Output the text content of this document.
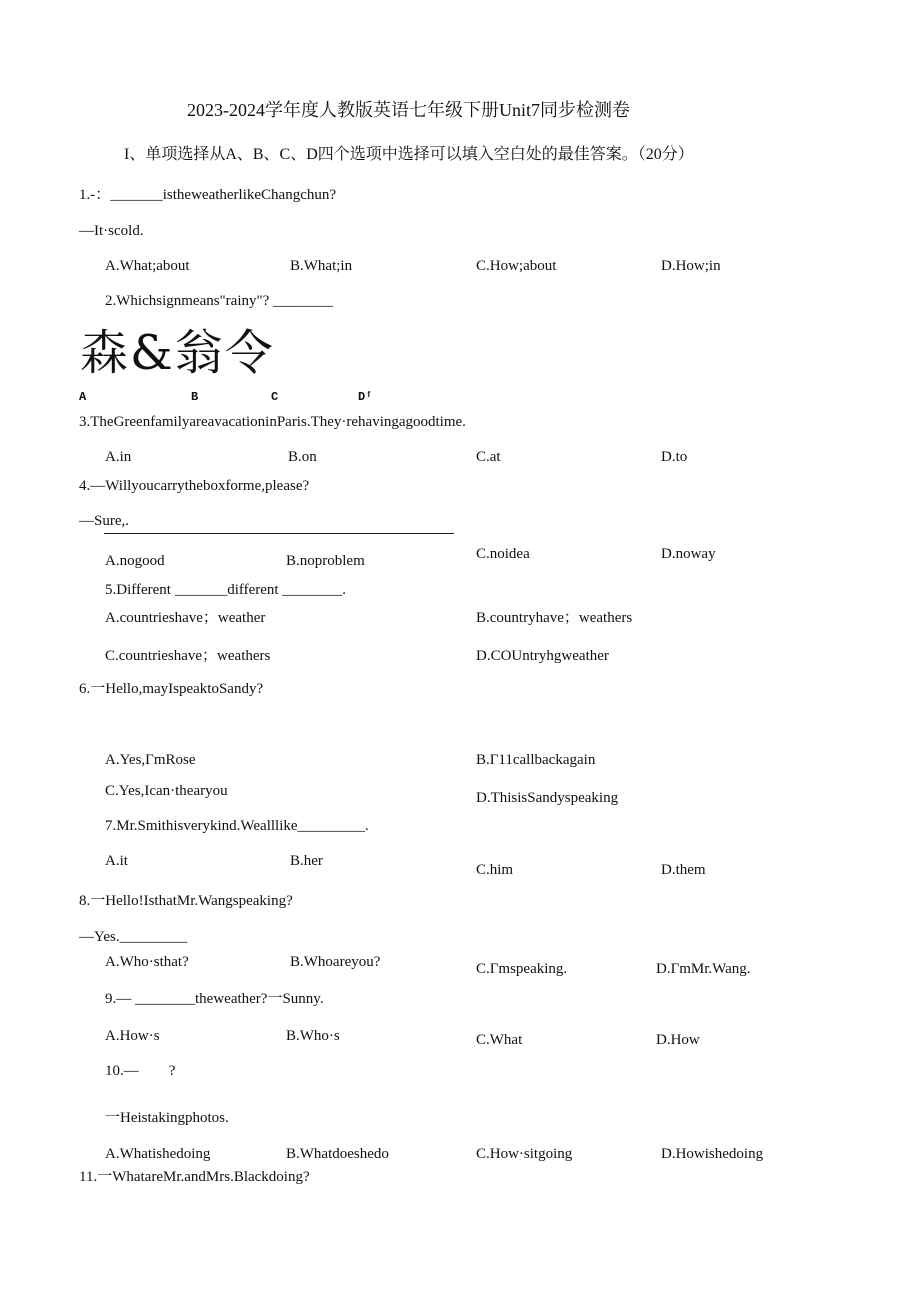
2023-2024学年度人教版英语七年级下册Unit7同步检测卷
I、单项选择从A、B、C、D四个选项中选择可以填入空白处的最佳答案。（20分）
1.-：_______istheweatherlikeChangchun?
—It·scold.
A.What;about	B.What;in	C.How;about	D.How;in
2.Whichsignmeans"rainy"? ________
森&翁令
A	B	C	Dᶠ
3.TheGreenfamilyareavacationinParis.They·rehavingagoodtime.
A.in	B.on	C.at	D.to
4.—Willyoucarrytheboxforme,please?
—Sure,.
A.nogood	B.noproblem	C.noidea	D.noway
5.Different _______different ________.
A.countrieshave；weather	B.countryhave；weathers
C.countrieshave；weathers	D.COUntryhgweather
6.一Hello,mayIspeaktoSandy?
A.Yes,ΓmRose	B.Γ11callbackagain
C.Yes,Ican·thearyou	D.ThisisSandyspeaking
7.Mr.Smithisverykind.Wealllike_________.
A.it	B.her
C.him	D.them
8.一Hello!IsthatMr.Wangspeaking?
—Yes._________
A.Who·sthat?	B.Whoareyou?	C.Γmspeaking.	D.ΓmMr.Wang.
9.— ________theweather?一Sunny.
A.How·s	B.Who·s	C.What	D.How
10.—        ?
一Heistakingphotos.
A.Whatishedoing	B.Whatdoeshedo	C.How·sitgoing	D.Howishedoing
11.一WhatareMr.andMrs.Blackdoing?
